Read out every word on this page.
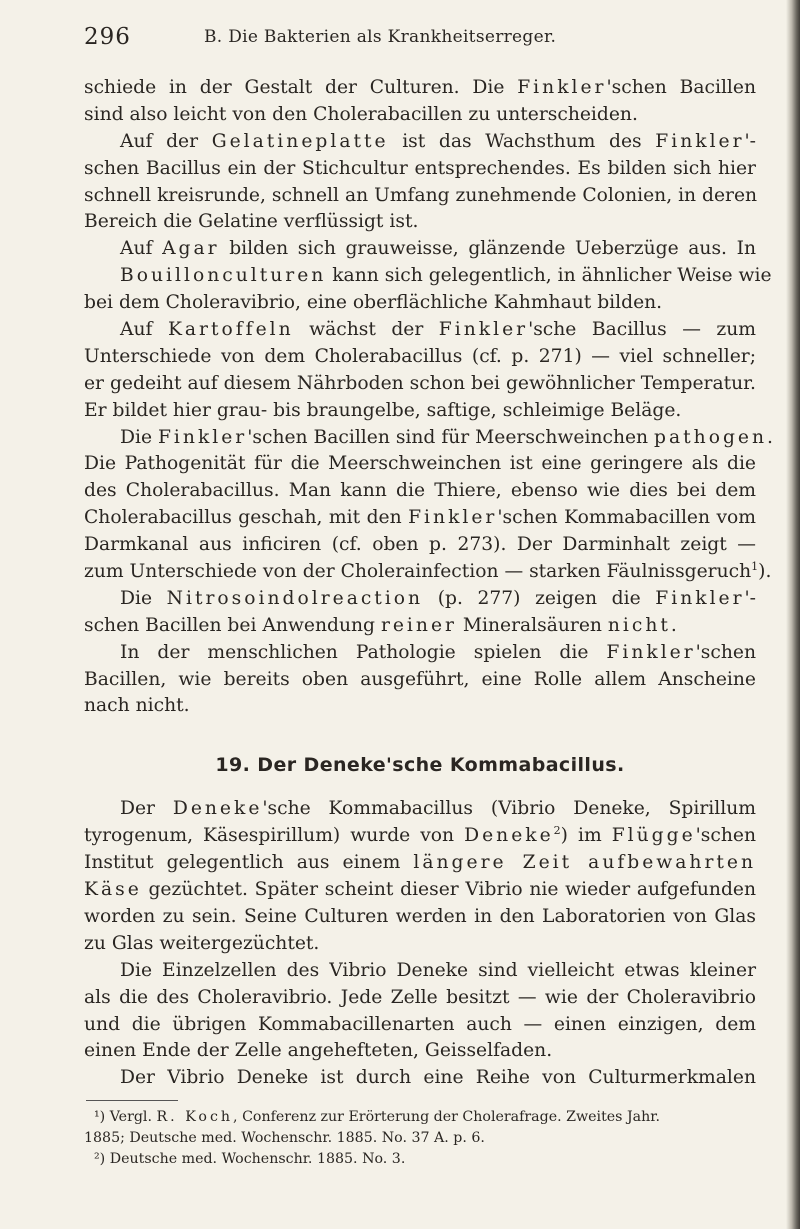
296	B. Die Bakterien als Krankheitserreger.
schiede in der Gestalt der Culturen. Die Finkler'schen Bacillen
sind also leicht von den Cholerabacillen zu unterscheiden.
Auf der Gelatineplatte ist das Wachsthum des Finkler'-
schen Bacillus ein der Stichcultur entsprechendes. Es bilden sich hier
schnell kreisrunde, schnell an Umfang zunehmende Colonien, in deren
Bereich die Gelatine verflüssigt ist.
Auf Agar bilden sich grauweisse, glänzende Ueberzüge aus. In
Bouillonculturen kann sich gelegentlich, in ähnlicher Weise wie
bei dem Choleravibrio, eine oberflächliche Kahmhaut bilden.
Auf Kartoffeln wächst der Finkler'sche Bacillus — zum
Unterschiede von dem Cholerabacillus (cf. p. 271) — viel schneller;
er gedeiht auf diesem Nährboden schon bei gewöhnlicher Temperatur.
Er bildet hier grau- bis braungelbe, saftige, schleimige Beläge.
Die Finkler'schen Bacillen sind für Meerschweinchen pathogen.
Die Pathogenität für die Meerschweinchen ist eine geringere als die
des Cholerabacillus. Man kann die Thiere, ebenso wie dies bei dem
Cholerabacillus geschah, mit den Finkler'schen Kommabacillen vom
Darmkanal aus inficiren (cf. oben p. 273). Der Darminhalt zeigt —
zum Unterschiede von der Cholerainfection — starken Fäulnissgeruch$^1$).
Die Nitrosoindolreaction (p. 277) zeigen die Finkler'-
schen Bacillen bei Anwendung reiner Mineralsäuren nicht.
In der menschlichen Pathologie spielen die Finkler'schen
Bacillen, wie bereits oben ausgeführt, eine Rolle allem Anscheine
nach nicht.
19. Der Deneke'sche Kommabacillus.
Der Deneke'sche Kommabacillus (Vibrio Deneke, Spirillum
tyrogenum, Käsespirillum) wurde von Deneke$^2$) im Flügge'schen
Institut gelegentlich aus einem längere Zeit aufbewahrten
Käse gezüchtet. Später scheint dieser Vibrio nie wieder aufgefunden
worden zu sein. Seine Culturen werden in den Laboratorien von Glas
zu Glas weitergezüchtet.
Die Einzelzellen des Vibrio Deneke sind vielleicht etwas kleiner
als die des Choleravibrio. Jede Zelle besitzt — wie der Choleravibrio
und die übrigen Kommabacillenarten auch — einen einzigen, dem
einen Ende der Zelle angehefteten, Geisselfaden.
Der Vibrio Deneke ist durch eine Reihe von Culturmerkmalen
¹) Vergl. R. Koch, Conferenz zur Erörterung der Cholerafrage. Zweites Jahr.
1885; Deutsche med. Wochenschr. 1885. No. 37 A. p. 6.
²) Deutsche med. Wochenschr. 1885. No. 3.
